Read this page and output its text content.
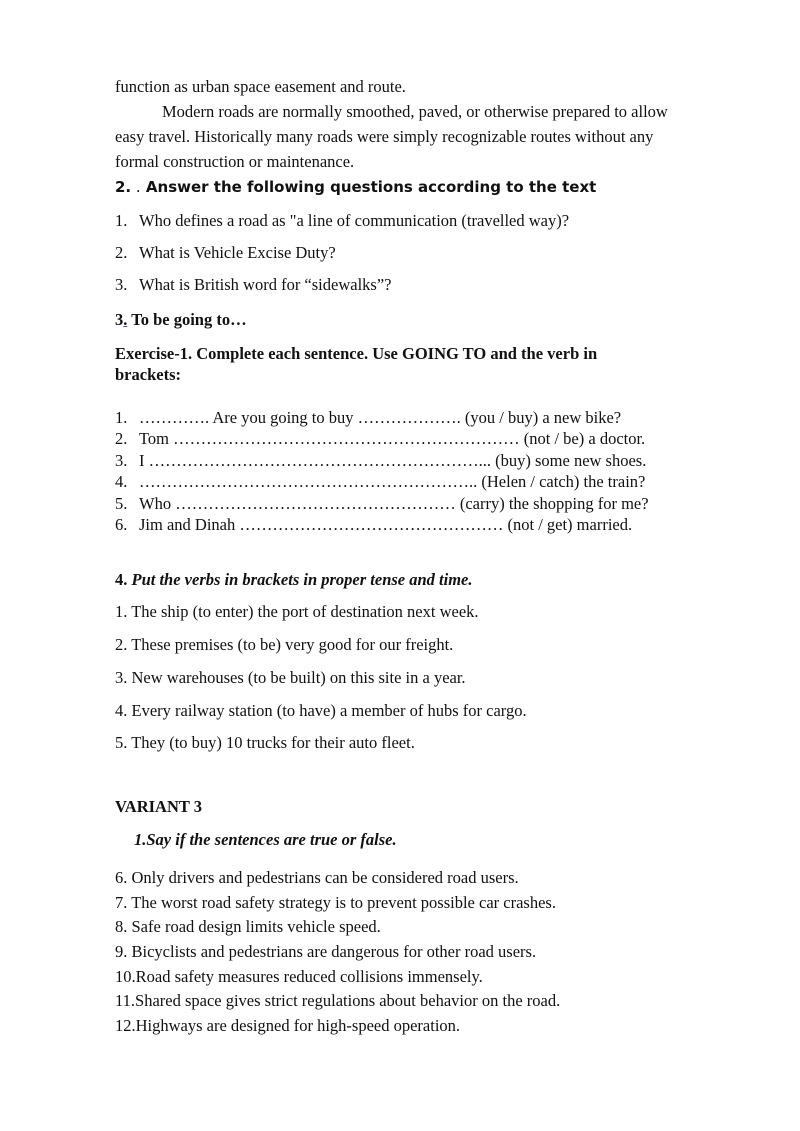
function as urban space easement and route.
Modern roads are normally smoothed, paved, or otherwise prepared to allow
easy travel. Historically many roads were simply recognizable routes without any
formal construction or maintenance.
2. . Answer the following questions according to the text
1. Who defines a road as "a line of communication (travelled way)?
2. What is Vehicle Excise Duty?
3. What is British word for “sidewalks”?
3. To be going to…
Exercise-1. Complete each sentence. Use GOING TO and the verb in
brackets:
1. …………. Are you going to buy ………………. (you / buy) a new bike?
2. Tom ……………………………………………………… (not / be) a doctor.
3. I ……………………………………………………... (buy) some new shoes.
4. …………………………………………………….. (Helen / catch) the train?
5. Who …………………………………………… (carry) the shopping for me?
6. Jim and Dinah ………………………………………… (not / get) married.
4. Put the verbs in brackets in proper tense and time.
1. The ship (to enter) the port of destination next week.
2. These premises (to be) very good for our freight.
3. New warehouses (to be built) on this site in a year.
4. Every railway station (to have) a member of hubs for cargo.
5. They (to buy) 10 trucks for their auto fleet.
VARIANT 3
1.Say if the sentences are true or false.
6. Only drivers and pedestrians can be considered road users.
7. The worst road safety strategy is to prevent possible car crashes.
8. Safe road design limits vehicle speed.
9. Bicyclists and pedestrians are dangerous for other road users.
10.Road safety measures reduced collisions immensely.
11.Shared space gives strict regulations about behavior on the road.
12.Highways are designed for high-speed operation.
